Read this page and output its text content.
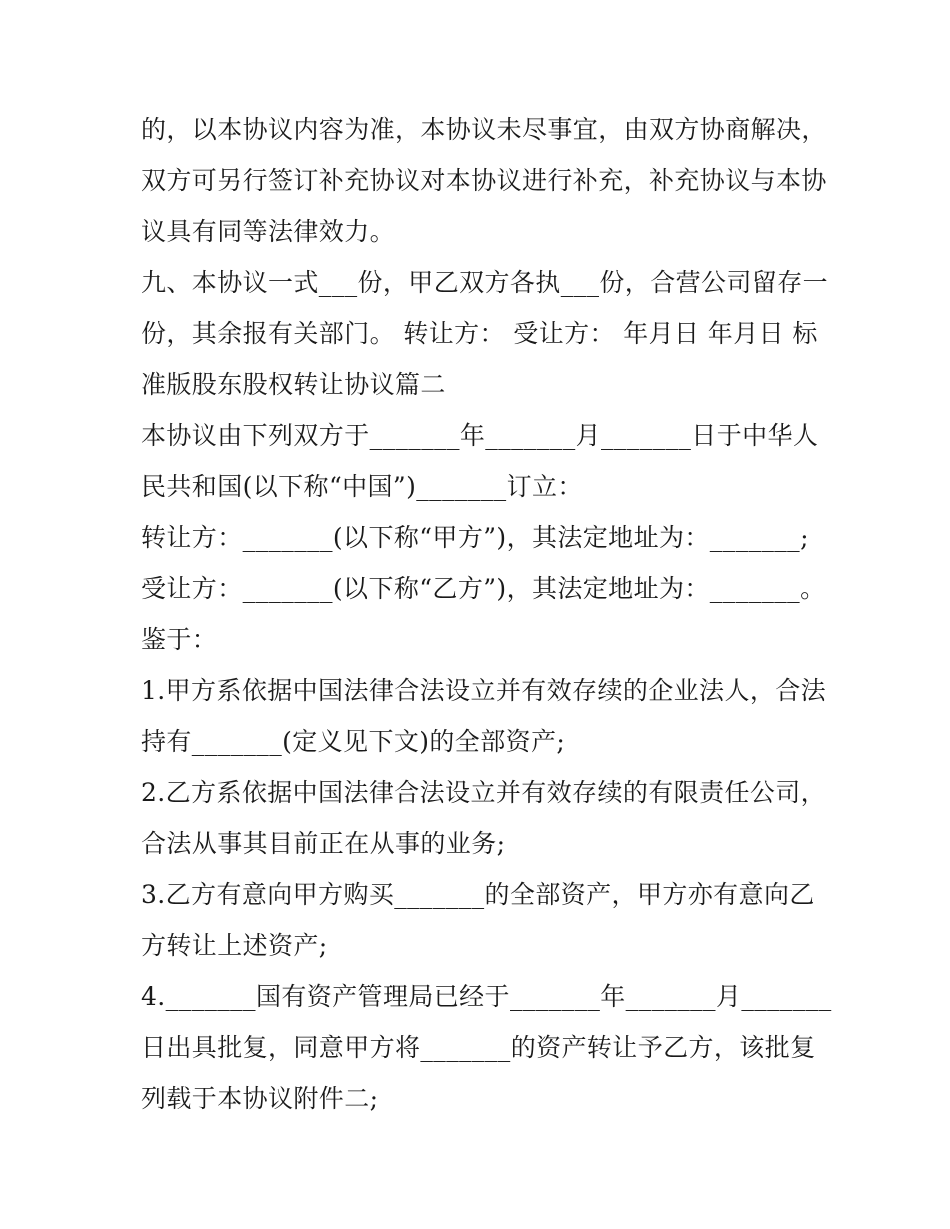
的，以本协议内容为准，本协议未尽事宜，由双方协商解决，
双方可另行签订补充协议对本协议进行补充，补充协议与本协
议具有同等法律效力。
九、本协议一式___份，甲乙双方各执___份，合营公司留存一
份，其余报有关部门。 转让方： 受让方： 年月日 年月日 标
准版股东股权转让协议篇二
本协议由下列双方于_______年_______月_______日于中华人
民共和国(以下称“中国”)_______订立：
转让方：_______(以下称“甲方”)，其法定地址为：_______;
受让方：_______(以下称“乙方”)，其法定地址为：_______。
鉴于：
1.甲方系依据中国法律合法设立并有效存续的企业法人，合法
持有_______(定义见下文)的全部资产;
2.乙方系依据中国法律合法设立并有效存续的有限责任公司，
合法从事其目前正在从事的业务;
3.乙方有意向甲方购买_______的全部资产，甲方亦有意向乙
方转让上述资产;
4._______国有资产管理局已经于_______年_______月_______
日出具批复，同意甲方将_______的资产转让予乙方，该批复
列载于本协议附件二;
